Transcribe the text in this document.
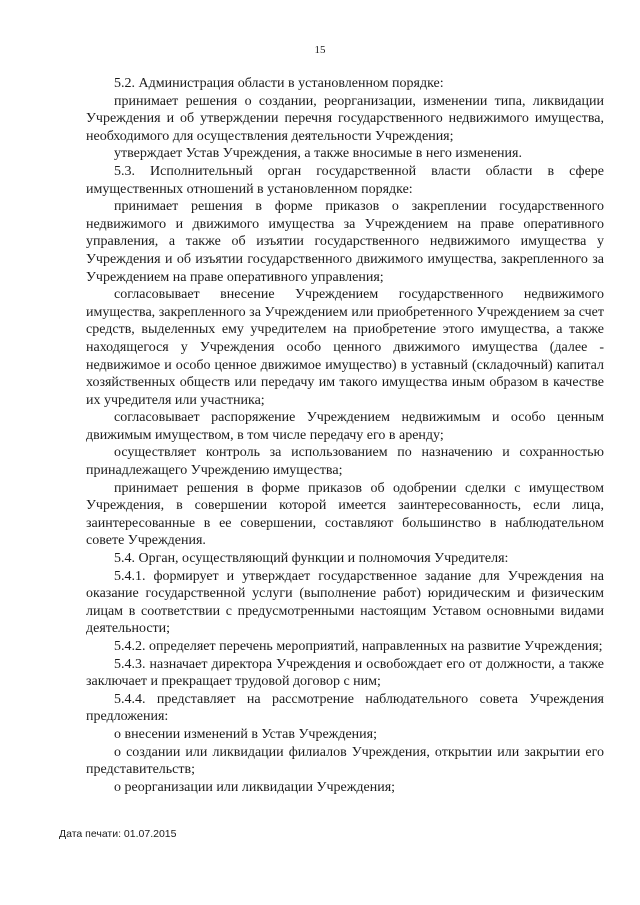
15

5.2. Администрация области в установленном порядке:

принимает решения о создании, реорганизации, изменении типа, ликвидации Учреждения и об утверждении перечня государственного недвижимого имущества, необходимого для осуществления деятельности Учреждения;

утверждает Устав Учреждения, а также вносимые в него изменения.

5.3. Исполнительный орган государственной власти области в сфере имущественных отношений в установленном порядке:

принимает решения в форме приказов о закреплении государственного недвижимого и движимого имущества за Учреждением на праве оперативного управления, а также об изъятии государственного недвижимого имущества у Учреждения и об изъятии государственного движимого имущества, закрепленного за Учреждением на праве оперативного управления;

согласовывает внесение Учреждением государственного недвижимого имущества, закрепленного за Учреждением или приобретенного Учреждением за счет средств, выделенных ему учредителем на приобретение этого имущества, а также находящегося у Учреждения особо ценного движимого имущества (далее - недвижимое и особо ценное движимое имущество) в уставный (складочный) капитал хозяйственных обществ или передачу им такого имущества иным образом в качестве их учредителя или участника;

согласовывает распоряжение Учреждением недвижимым и особо ценным движимым имуществом, в том числе передачу его в аренду;

осуществляет контроль за использованием по назначению и сохранностью принадлежащего Учреждению имущества;

принимает решения в форме приказов об одобрении сделки с имуществом Учреждения, в совершении которой имеется заинтересованность, если лица, заинтересованные в ее совершении, составляют большинство в наблюдательном совете Учреждения.

5.4. Орган, осуществляющий функции и полномочия Учредителя:

5.4.1. формирует и утверждает государственное задание для Учреждения на оказание государственной услуги (выполнение работ) юридическим и физическим лицам в соответствии с предусмотренными настоящим Уставом основными видами деятельности;

5.4.2. определяет перечень мероприятий, направленных на развитие Учреждения;

5.4.3. назначает директора Учреждения и освобождает его от должности, а также заключает и прекращает трудовой договор с ним;

5.4.4. представляет на рассмотрение наблюдательного совета Учреждения предложения:

о внесении изменений в Устав Учреждения;

о создании или ликвидации филиалов Учреждения, открытии или закрытии его представительств;

о реорганизации или ликвидации Учреждения;

Дата печати: 01.07.2015
